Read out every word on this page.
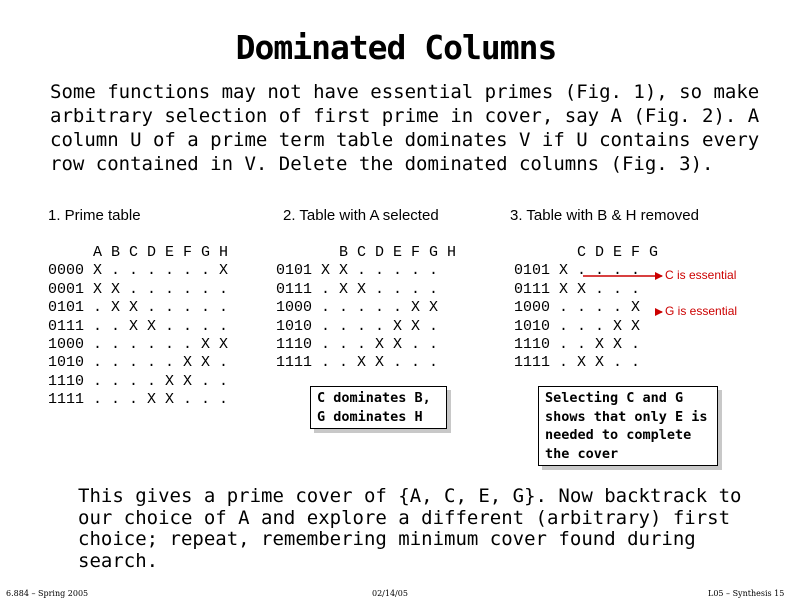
Dominated Columns

Some functions may not have essential primes (Fig. 1), so make
arbitrary selection of first prime in cover, say A (Fig. 2). A
column U of a prime term table dominates V if U contains every
row contained in V. Delete the dominated columns (Fig. 3).

1. Prime table	2. Table with A selected	3. Table with B & H removed
A B C D E F G H
0000 X . . . . . . X
0001 X X . . . . . .
0101 . X X . . . . .
0111 . . X X . . . .
1000 . . . . . . X X
1010 . . . . . X X .
1110 . . . . X X . .
1111 . . . X X . . .
B C D E F G H
0101 X X . . . . .
0111 . X X . . . .
1000 . . . . . X X
1010 . . . . X X .
1110 . . . X X . .
1111 . . X X . . .
C dominates B,
G dominates H
C D E F G
0101 X . . . .
0111 X X . . .
1000 . . . . X
1010 . . . X X
1110 . . X X .
1111 . X X . .
C is essential
G is essential
Selecting C and G
shows that only E is
needed to complete
the cover

This gives a prime cover of {A, C, E, G}. Now backtrack to
our choice of A and explore a different (arbitrary) first
choice; repeat, remembering minimum cover found during
search.

6.884 – Spring 2005	02/14/05	L05 – Synthesis 15
